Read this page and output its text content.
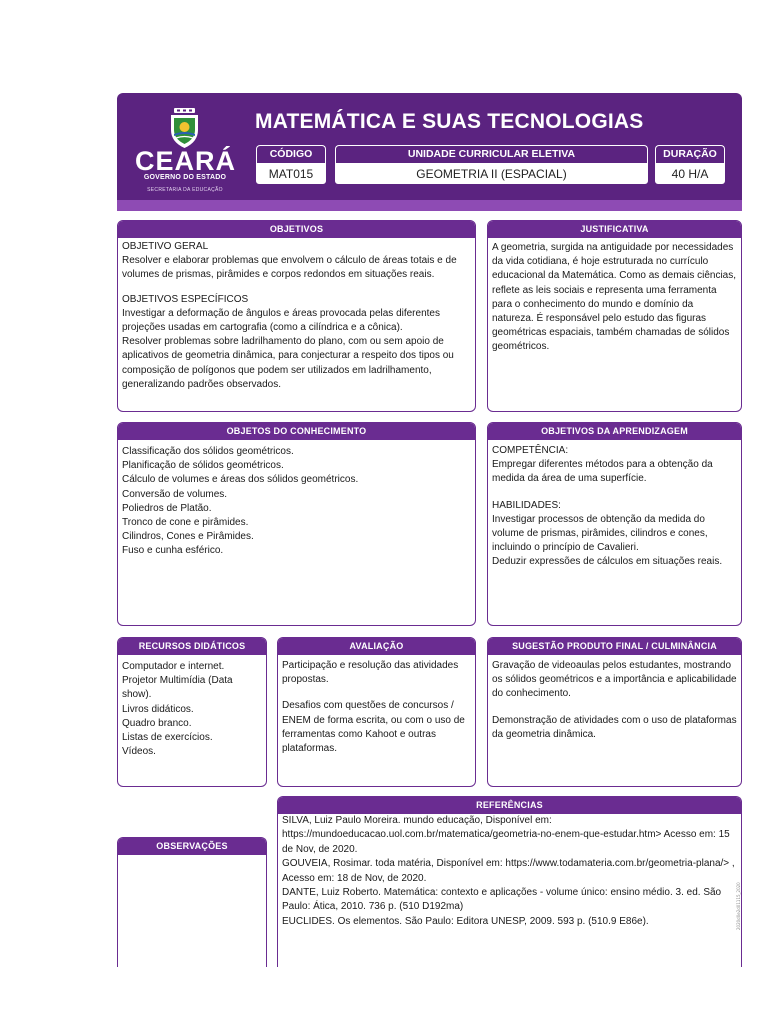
CEARÁ
GOVERNO DO ESTADO
SECRETARIA DA EDUCAÇÃO
MATEMÁTICA E SUAS TECNOLOGIAS
CÓDIGO
MAT015
UNIDADE CURRICULAR ELETIVA
GEOMETRIA II (ESPACIAL)
DURAÇÃO
40 H/A
OBJETIVOS

OBJETIVO GERAL

Resolver e elaborar problemas que envolvem o cálculo de áreas totais e de volumes de prismas, pirâmides e corpos redondos em situações reais.

OBJETIVOS ESPECÍFICOS

Investigar a deformação de ângulos e áreas provocada pelas diferentes projeções usadas em cartografia (como a cilíndrica e a cônica).

Resolver problemas sobre ladrilhamento do plano, com ou sem apoio de aplicativos de geometria dinâmica, para conjecturar a respeito dos tipos ou composição de polígonos que podem ser utilizados em ladrilhamento, generalizando padrões observados.

JUSTIFICATIVA

A geometria, surgida na antiguidade por necessidades da vida cotidiana, é hoje estruturada no currículo educacional da Matemática. Como as demais ciências, reflete as leis sociais e representa uma ferramenta para o conhecimento do mundo e domínio da natureza. É responsável pelo estudo das figuras geométricas espaciais, também chamadas de sólidos geométricos.

OBJETOS DO CONHECIMENTO

Classificação dos sólidos geométricos.

Planificação de sólidos geométricos.

Cálculo de volumes e áreas dos sólidos geométricos.

Conversão de volumes.

Poliedros de Platão.

Tronco de cone e pirâmides.

Cilindros, Cones e Pirâmides.

Fuso e cunha esférico.

OBJETIVOS DA APRENDIZAGEM

COMPETÊNCIA:

Empregar diferentes métodos para a obtenção da medida da área de uma superfície.

HABILIDADES:

Investigar processos de obtenção da medida do volume de prismas, pirâmides, cilindros e cones, incluindo o princípio de Cavalieri.

Deduzir expressões de cálculos em situações reais.

RECURSOS DIDÁTICOS

Computador e internet.

Projetor Multimídia (Data show).

Livros didáticos.

Quadro branco.

Listas de exercícios.

Vídeos.

AVALIAÇÃO

Participação e resolução das atividades propostas.

Desafios com questões de concursos / ENEM de forma escrita, ou com o uso de ferramentas como Kahoot e outras plataformas.

SUGESTÃO PRODUTO FINAL / CULMINÂNCIA

Gravação de videoaulas pelos estudantes, mostrando os sólidos geométricos e a importância e aplicabilidade do conhecimento.

Demonstração de atividades com o uso de plataformas da geometria dinâmica.

OBSERVAÇÕES
REFERÊNCIAS

SILVA, Luiz Paulo Moreira. mundo educação, Disponível em: https://mundoeducacao.uol.com.br/matematica/geometria-no-enem-que-estudar.htm> Acesso em: 15 de Nov, de 2020.

GOUVEIA, Rosimar. toda matéria, Disponível em: https://www.todamateria.com.br/geometria-plana/> , Acesso em: 18 de Nov, de 2020.

DANTE, Luiz Roberto. Matemática: contexto e aplicações - volume único: ensino médio. 3. ed. São Paulo: Ática, 2010. 736 p. (510 D192ma)

EUCLIDES. Os elementos. São Paulo: Editora UNESP, 2009. 593 p. (510.9 E86e).	2020d0e2d01115_2020
